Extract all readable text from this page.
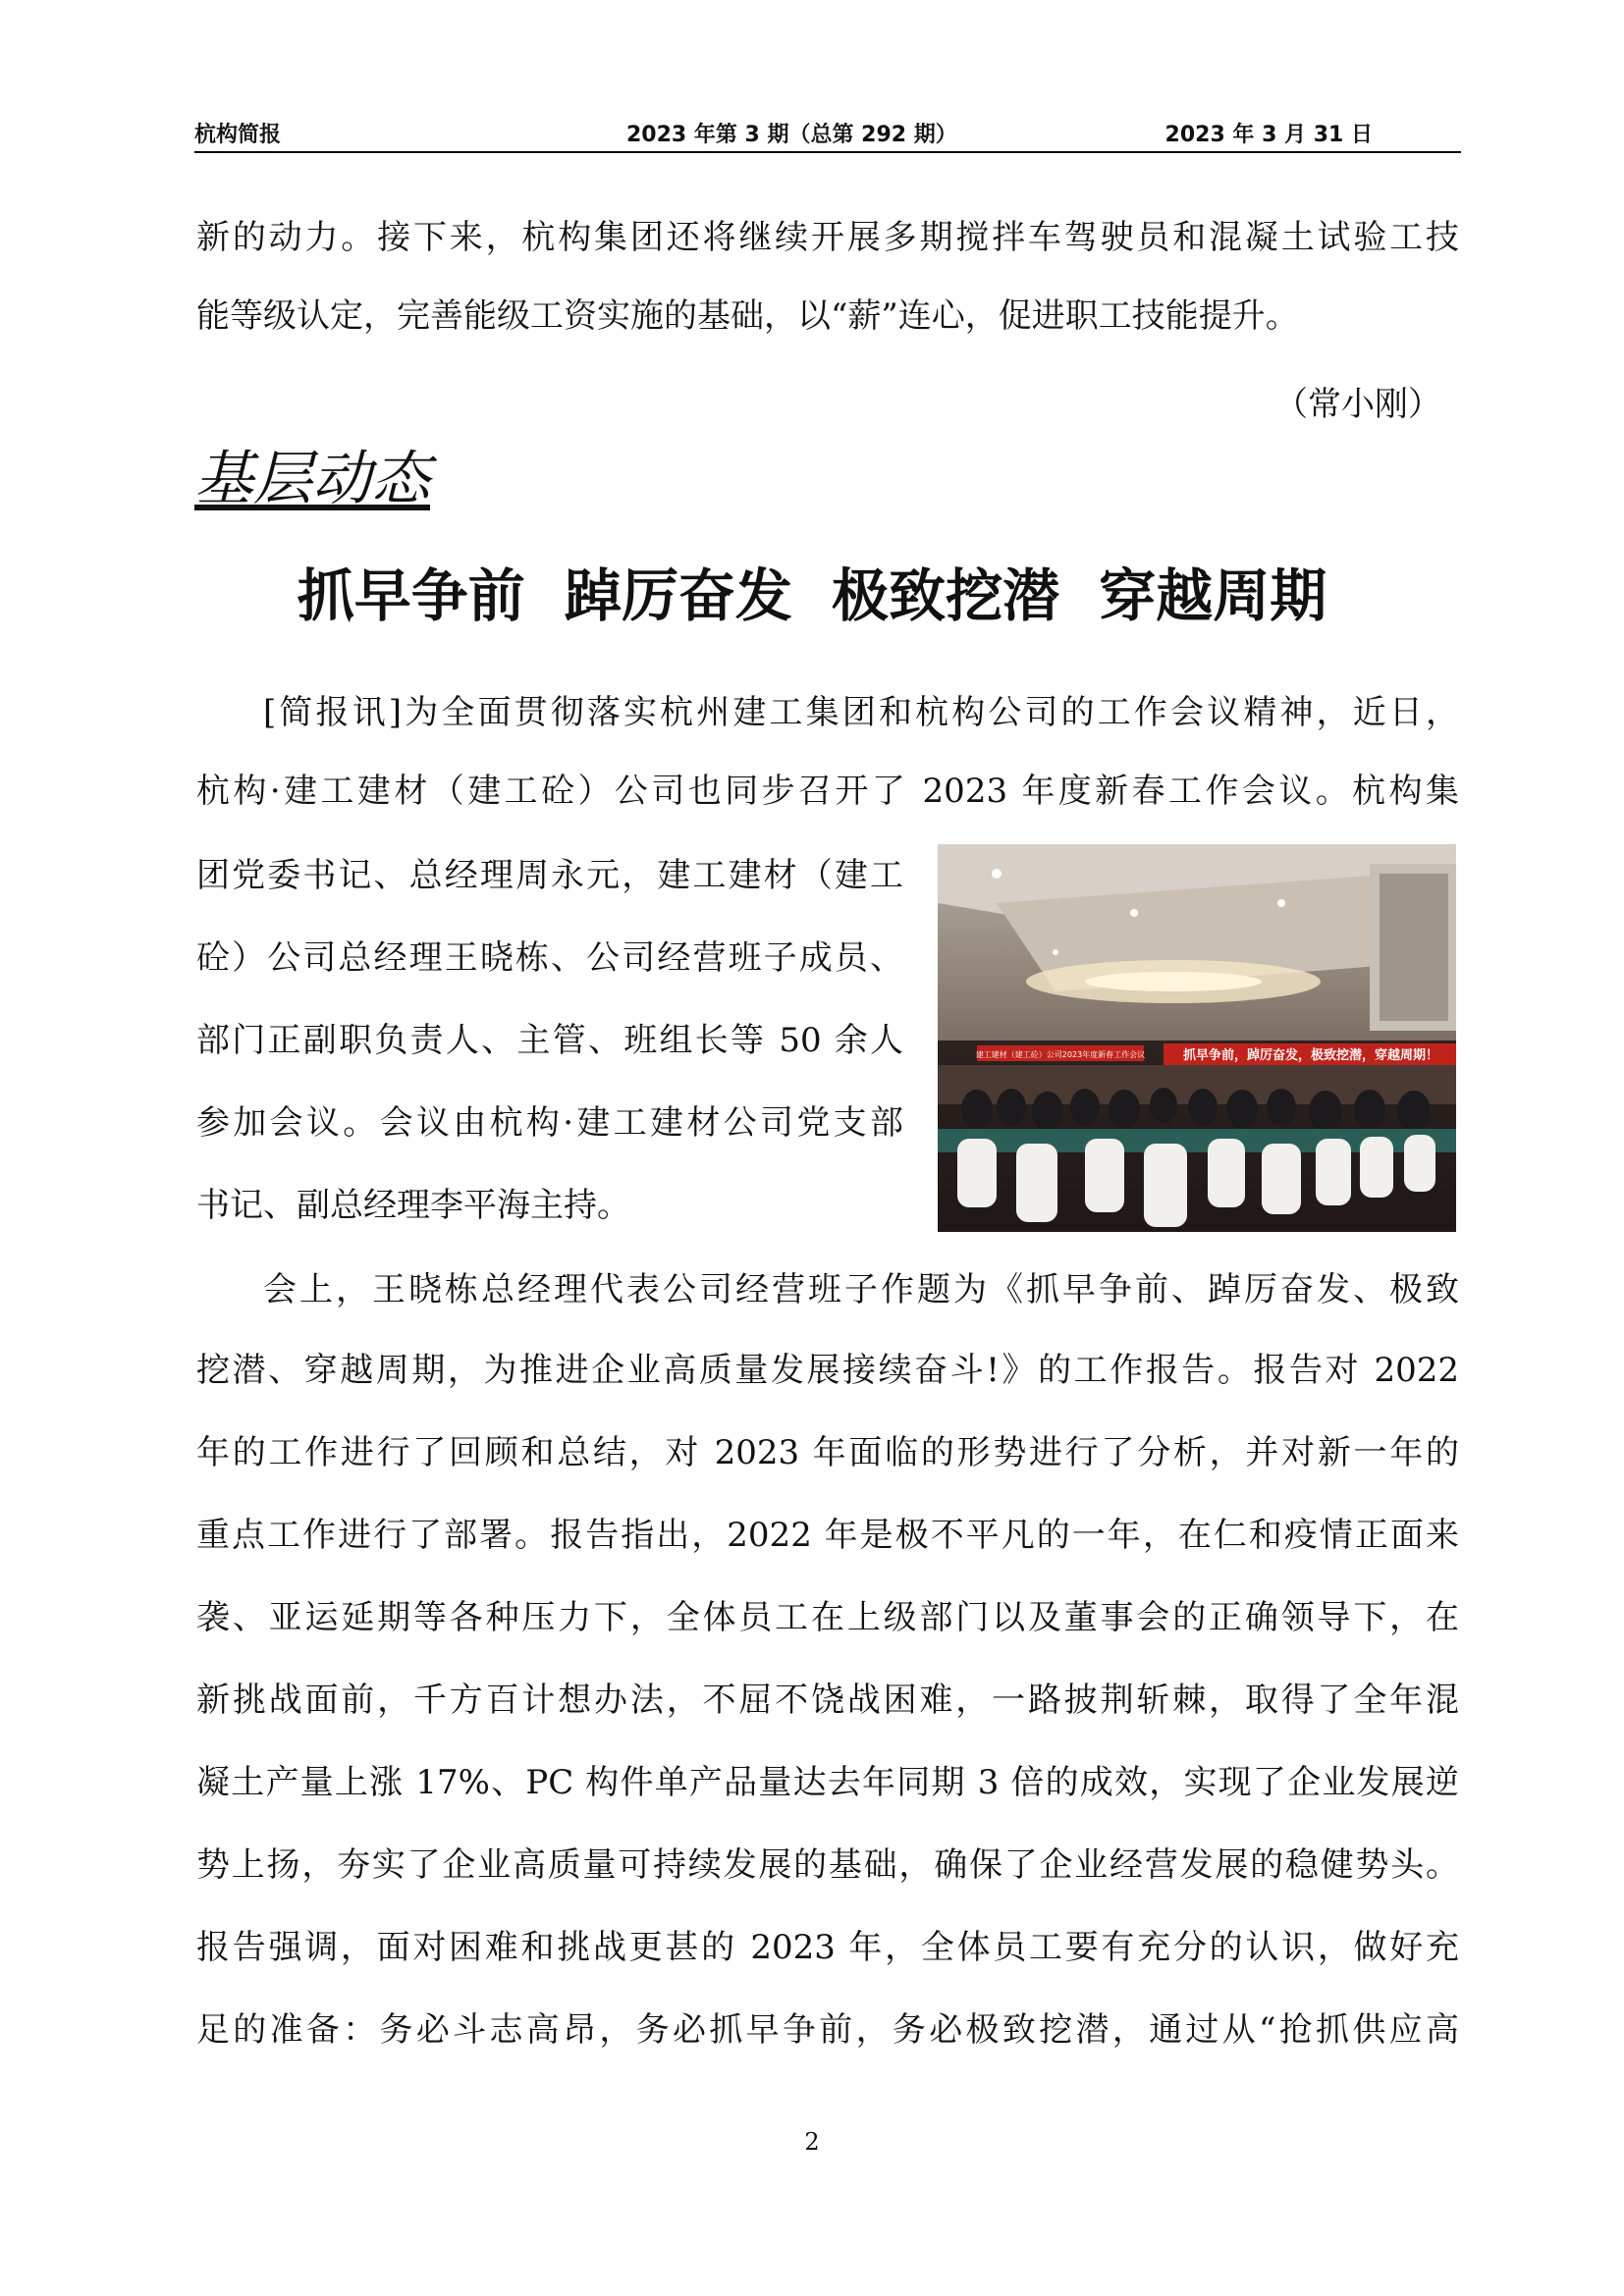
杭构简报	2023 年第 3 期（总第 292 期）	2023 年 3 月 31 日
新的动力。接下来，杭构集团还将继续开展多期搅拌车驾驶员和混凝土试验工技
能等级认定，完善能级工资实施的基础，以“薪”连心，促进职工技能提升。
（常小刚）
基层动态
抓早争前 踔厉奋发 极致挖潜 穿越周期
[简报讯]为全面贯彻落实杭州建工集团和杭构公司的工作会议精神，近日，
杭构·建工建材（建工砼）公司也同步召开了 2023 年度新春工作会议。杭构集
团党委书记、总经理周永元，建工建材（建工
砼）公司总经理王晓栋、公司经营班子成员、
部门正副职负责人、主管、班组长等 50 余人
参加会议。会议由杭构·建工建材公司党支部
书记、副总经理李平海主持。
建工建材（建工砼）公司2023年度新春工作会议	抓早争前，踔厉奋发，极致挖潜，穿越周期！
会上，王晓栋总经理代表公司经营班子作题为《抓早争前、踔厉奋发、极致
挖潜、穿越周期，为推进企业高质量发展接续奋斗!》的工作报告。报告对 2022
年的工作进行了回顾和总结，对 2023 年面临的形势进行了分析，并对新一年的
重点工作进行了部署。报告指出，2022 年是极不平凡的一年，在仁和疫情正面来
袭、亚运延期等各种压力下，全体员工在上级部门以及董事会的正确领导下，在
新挑战面前，千方百计想办法，不屈不饶战困难，一路披荆斩棘，取得了全年混
凝土产量上涨 17%、PC 构件单产品量达去年同期 3 倍的成效，实现了企业发展逆
势上扬，夯实了企业高质量可持续发展的基础，确保了企业经营发展的稳健势头。
报告强调，面对困难和挑战更甚的 2023 年，全体员工要有充分的认识，做好充
足的准备：务必斗志高昂，务必抓早争前，务必极致挖潜，通过从“抢抓供应高
2
